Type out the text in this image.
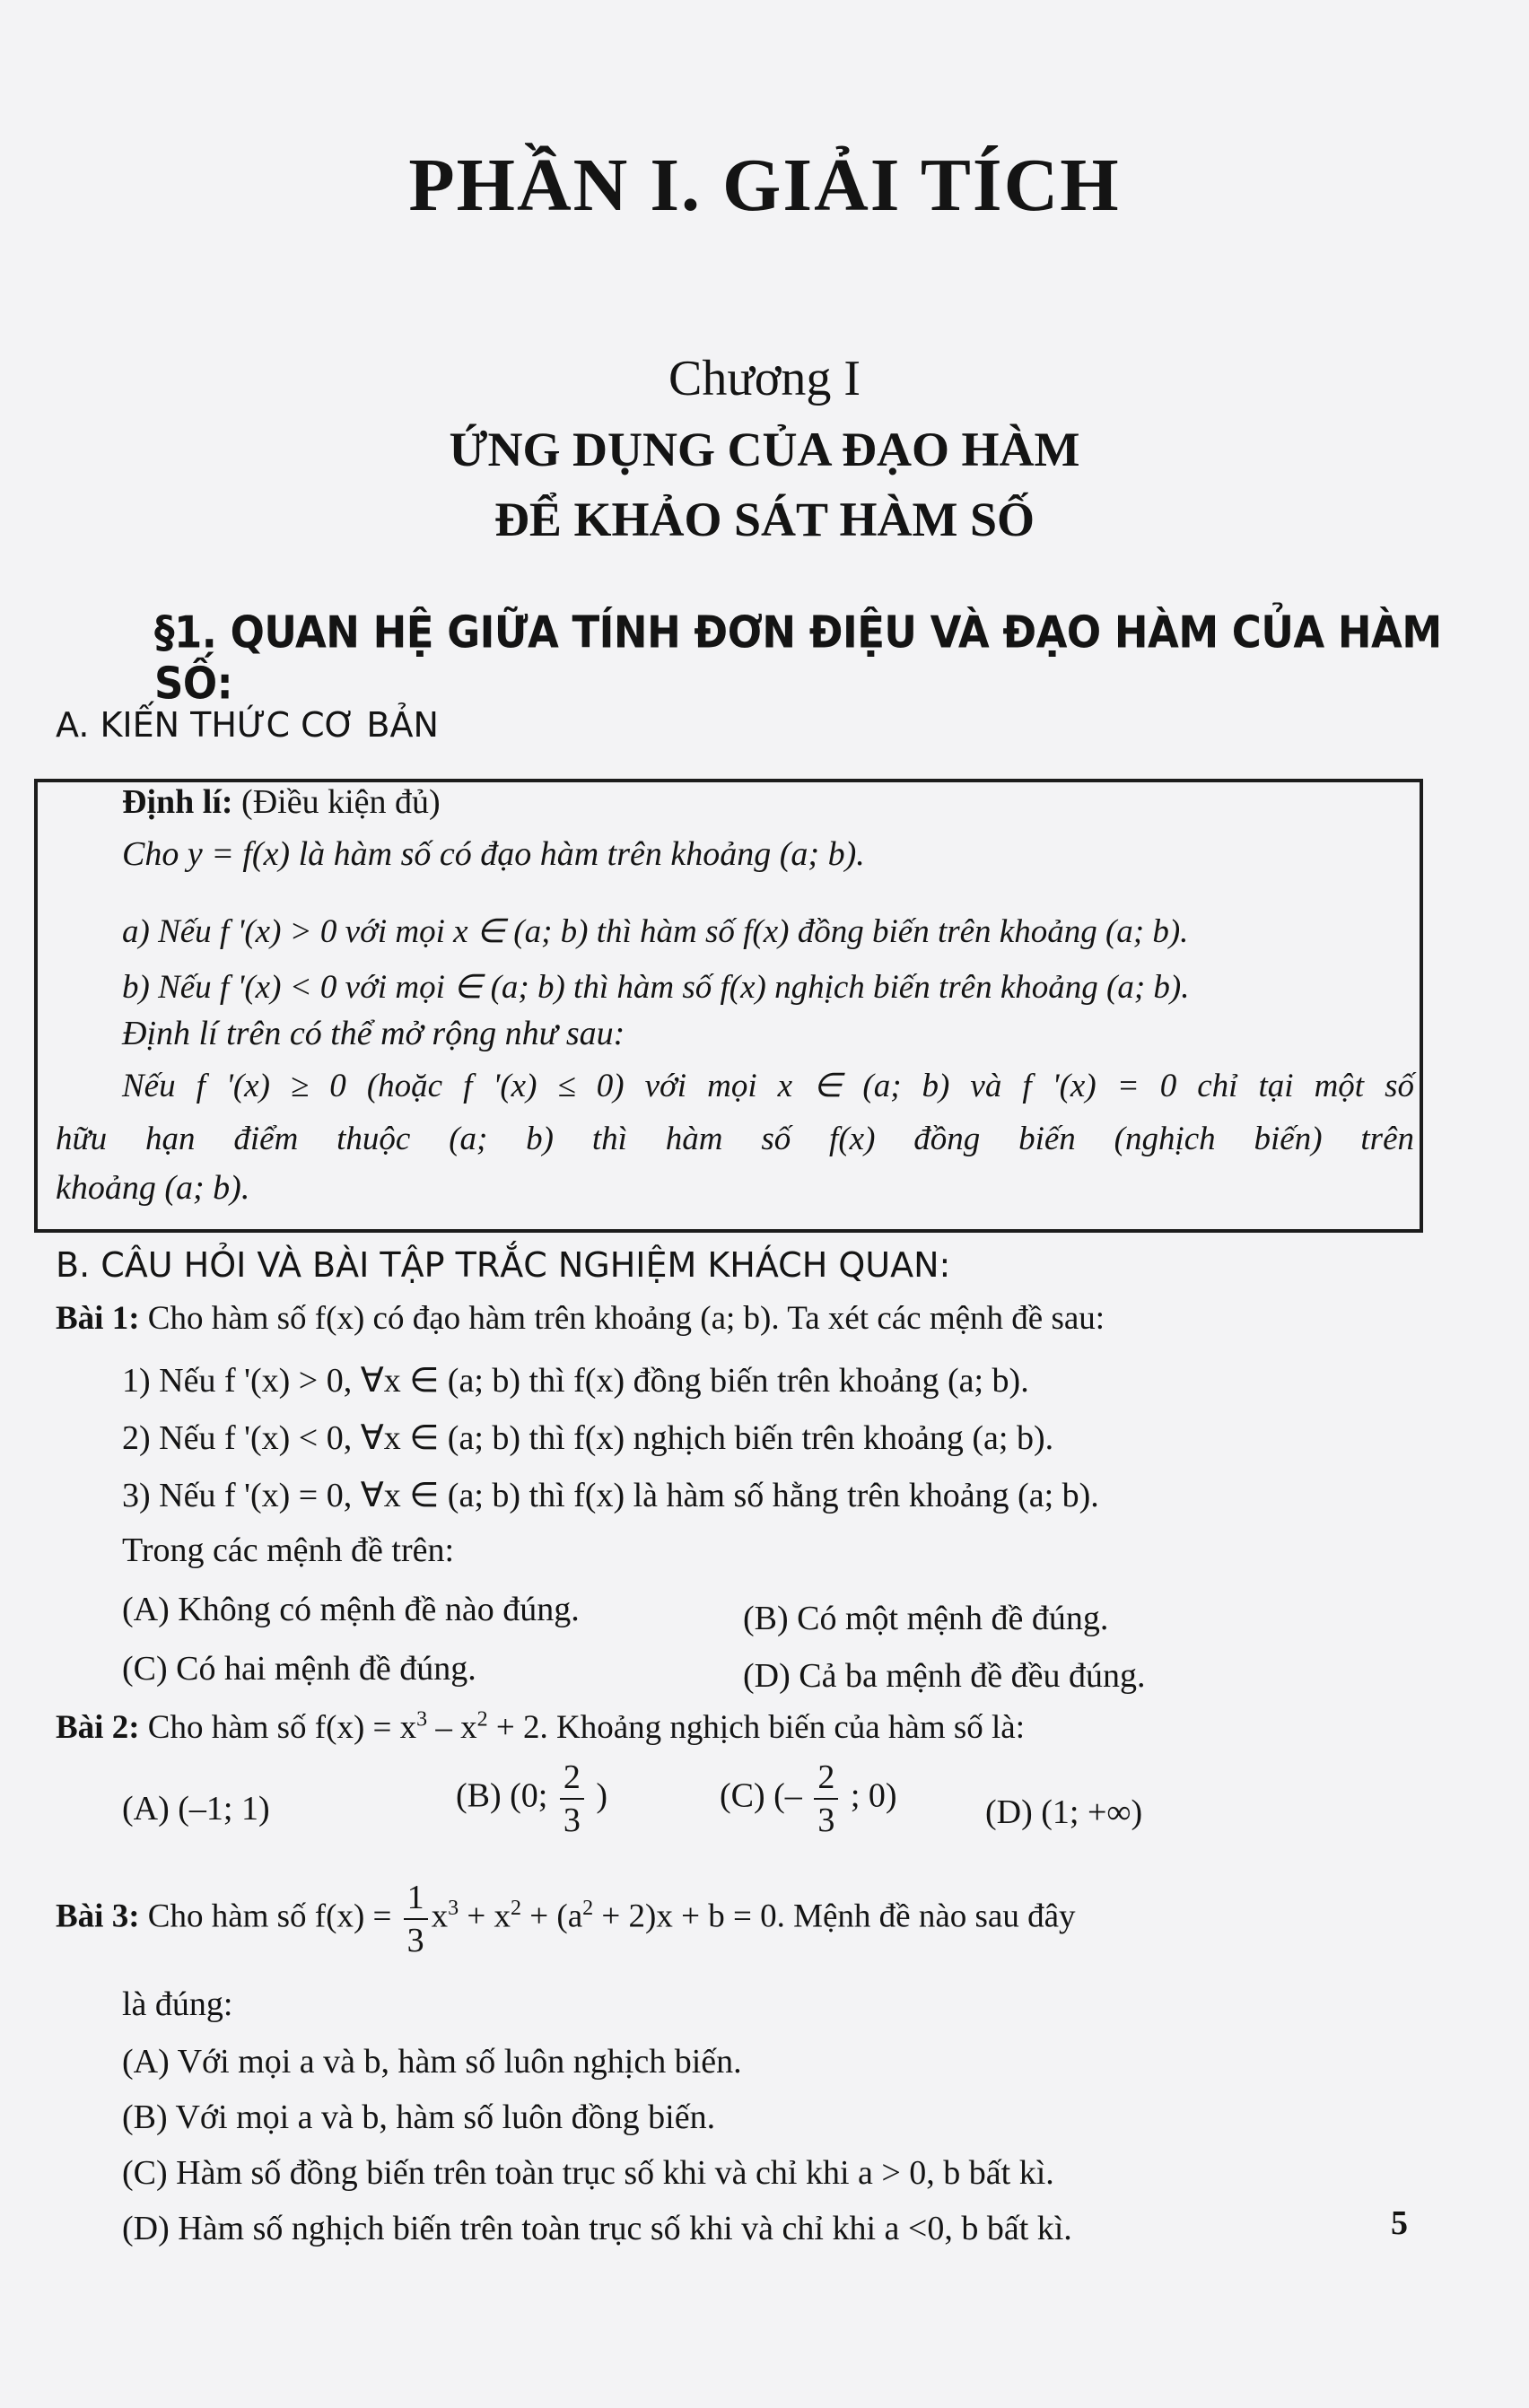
PHẦN I. GIẢI TÍCH
Chương I
ỨNG DỤNG CỦA ĐẠO HÀM
ĐỂ KHẢO SÁT HÀM SỐ
§1. QUAN HỆ GIỮA TÍNH ĐƠN ĐIỆU VÀ ĐẠO HÀM CỦA HÀM SỐ:
A. KIẾN THỨC CƠ BẢN
Định lí: (Điều kiện đủ)
Cho y = f(x) là hàm số có đạo hàm trên khoảng (a; b).
a) Nếu f '(x) > 0 với mọi x ∈ (a; b) thì hàm số f(x) đồng biến trên khoảng (a; b).
b) Nếu f '(x) < 0 với mọi ∈ (a; b) thì hàm số f(x) nghịch biến trên khoảng (a; b).
Định lí trên có thể mở rộng như sau:
Nếu f '(x) ≥ 0 (hoặc f '(x) ≤ 0) với mọi x ∈ (a; b) và f '(x) = 0 chỉ tại một số
hữu hạn điểm thuộc (a; b) thì hàm số f(x) đồng biến (nghịch biến) trên
khoảng (a; b).
B. CÂU HỎI VÀ BÀI TẬP TRẮC NGHIỆM KHÁCH QUAN:
Bài 1: Cho hàm số f(x) có đạo hàm trên khoảng (a; b). Ta xét các mệnh đề sau:
1) Nếu f '(x) > 0, ∀x ∈ (a; b) thì f(x) đồng biến trên khoảng (a; b).
2) Nếu f '(x) < 0, ∀x ∈ (a; b) thì f(x) nghịch biến trên khoảng (a; b).
3) Nếu f '(x) = 0, ∀x ∈ (a; b) thì f(x) là hàm số hằng trên khoảng (a; b).
Trong các mệnh đề trên:
(A) Không có mệnh đề nào đúng.	(B) Có một mệnh đề đúng.
(C) Có hai mệnh đề đúng.	(D) Cả ba mệnh đề đều đúng.
Bài 2: Cho hàm số $f(x) = x^3 - x^2 + 2$. Khoảng nghịch biến của hàm số là:
(A) (–1; 1)	(B) (0; $\frac{2}{3}$ )	(C) (– $\frac{2}{3}$ ; 0)	(D) (1; +∞)
Bài 3: Cho hàm số $f(x) = \frac{1}{3} x^3 + x^2 + (a^2 + 2)x + b = 0$. Mệnh đề nào sau đây
là đúng:
(A) Với mọi a và b, hàm số luôn nghịch biến.
(B) Với mọi a và b, hàm số luôn đồng biến.
(C) Hàm số đồng biến trên toàn trục số khi và chỉ khi a > 0, b bất kì.
(D) Hàm số nghịch biến trên toàn trục số khi và chỉ khi a <0, b bất kì.	5
